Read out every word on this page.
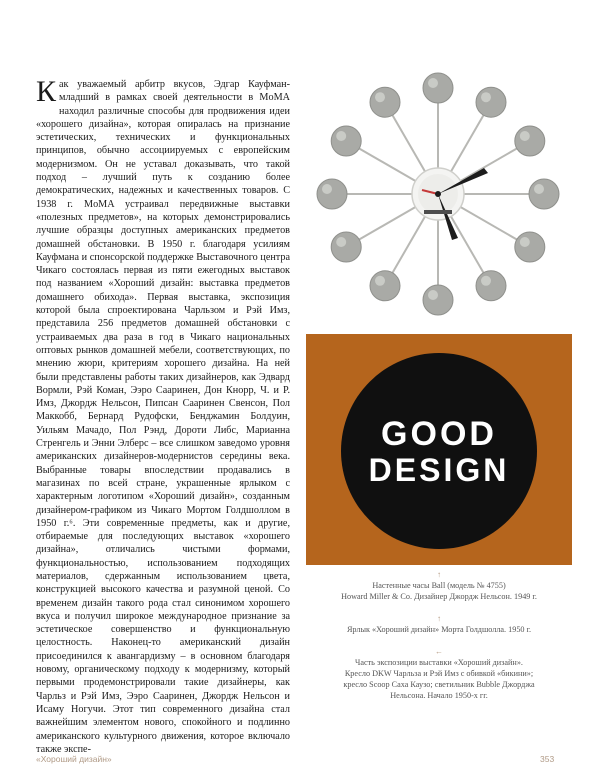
Как уважаемый арбитр вкусов, Эдгар Кауфман-младший в рамках своей деятельности в MoMA находил различные способы для продвижения идеи «хорошего дизайна», которая опиралась на признание эстетических, технических и функциональных принципов, обычно ассоциируемых с европейским модернизмом. Он не уставал доказывать, что такой подход – лучший путь к созданию более демократических, надежных и качественных товаров. С 1938 г. MoMA устраивал передвижные выставки «полезных предметов», на которых демонстрировались лучшие образцы доступных американских предметов домашней обстановки. В 1950 г. благодаря усилиям Кауфмана и спонсорской поддержке Выставочного центра Чикаго состоялась первая из пяти ежегодных выставок под названием «Хороший дизайн: выставка предметов домашнего обихода». Первая выставка, экспозиция которой была спроектирована Чарльзом и Рэй Имз, представила 256 предметов домашней обстановки с устраиваемых два раза в год в Чикаго национальных оптовых рынков домашней мебели, соответствующих, по мнению жюри, критериям хорошего дизайна. На ней были представлены работы таких дизайнеров, как Эдвард Вормли, Рэй Коман, Ээро Сааринен, Дон Кнорр, Ч. и Р. Имз, Джордж Нельсон, Пипсан Сааринен Свенсон, Пол Маккобб, Бернард Рудофски, Бенджамин Болдуин, Уильям Мачадо, Пол Рэнд, Дороти Либс, Марианна Стренгель и Энни Элберс – все слишком заведомо уровня американских дизайнеров-модернистов середины века. Выбранные товары впоследствии продавались в магазинах по всей стране, украшенные ярлыком с характерным логотипом «Хороший дизайн», созданным дизайнером-графиком из Чикаго Мортом Голдшоллом в 1950 г.⁶. Эти современные предметы, как и другие, отбираемые для последующих выставок «хорошего дизайна», отличались чистыми формами, функциональностью, использованием подходящих материалов, сдержанным использованием цвета, конструкцией высокого качества и разумной ценой. Со временем дизайн такого рода стал синонимом хорошего вкуса и получил широкое международное признание за эстетическое совершенство и функциональную целостность. Наконец-то американский дизайн присоединился к авангардизму – в основном благодаря новому, органическому подходу к модернизму, который первыми продемонстрировали такие дизайнеры, как Чарльз и Рэй Имз, Ээро Сааринен, Джордж Нельсон и Исаму Ногучи. Этот тип современного дизайна стал важнейшим элементом нового, спокойного и подлинно американского культурного движения, которое включало также экспе-

GOOD
DESIGN
↑
Настенные часы Ball (модель № 4755)
Howard Miller & Co. Дизайнер Джордж Нельсон. 1949 г.
↑
Ярлык «Хороший дизайн» Морта Голдшолла. 1950 г.
←
Часть экспозиции выставки «Хороший дизайн».
Кресло DKW Чарльза и Рэй Имз с обивкой «бикини»;
кресло Scoop Саха Каузо; светильник Bubble Джорджа
Нельсона. Начало 1950-х гг.
«Хороший дизайн»	353
